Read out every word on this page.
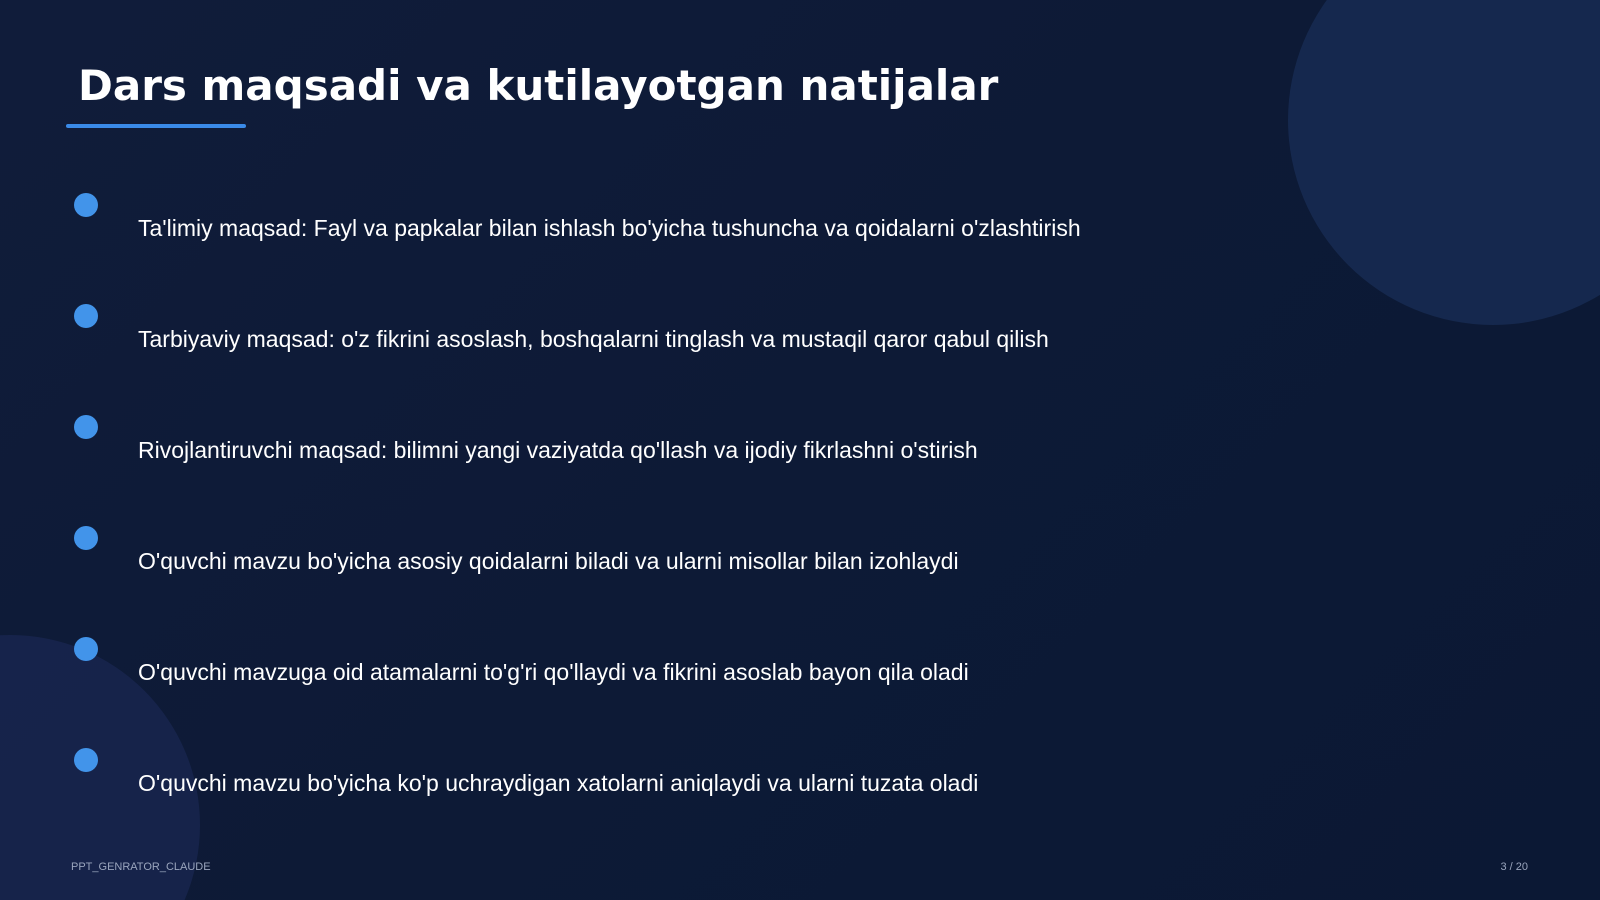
Dars maqsadi va kutilayotgan natijalar
Ta'limiy maqsad: Fayl va papkalar bilan ishlash bo'yicha tushuncha va qoidalarni o'zlashtirish
Tarbiyaviy maqsad: o'z fikrini asoslash, boshqalarni tinglash va mustaqil qaror qabul qilish
Rivojlantiruvchi maqsad: bilimni yangi vaziyatda qo'llash va ijodiy fikrlashni o'stirish
O'quvchi mavzu bo'yicha asosiy qoidalarni biladi va ularni misollar bilan izohlaydi
O'quvchi mavzuga oid atamalarni to'g'ri qo'llaydi va fikrini asoslab bayon qila oladi
O'quvchi mavzu bo'yicha ko'p uchraydigan xatolarni aniqlaydi va ularni tuzata oladi
PPT_GENRATOR_CLAUDE	3 / 20
